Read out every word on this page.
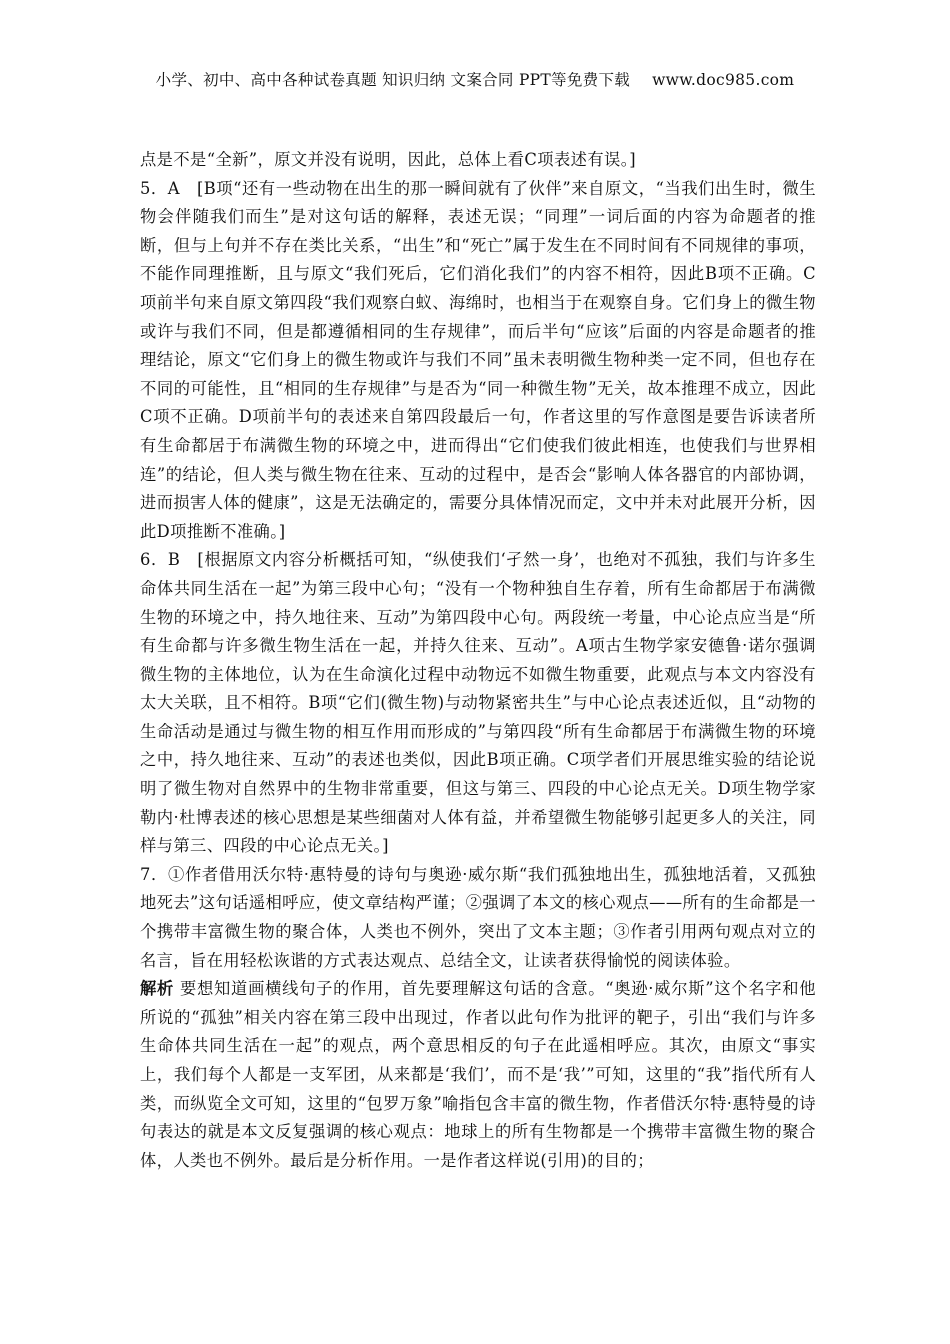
小学、初中、高中各种试卷真题 知识归纳 文案合同 PPT等免费下载 www.doc985.com

点是不是“全新”，原文并没有说明，因此，总体上看C项表述有误。]

5．A　[B项“还有一些动物在出生的那一瞬间就有了伙伴”来自原文，“当我们出生时，微生物会伴随我们而生”是对这句话的解释，表述无误；“同理”一词后面的内容为命题者的推断，但与上句并不存在类比关系，“出生”和“死亡”属于发生在不同时间有不同规律的事项，不能作同理推断，且与原文“我们死后，它们消化我们”的内容不相符，因此B项不正确。C项前半句来自原文第四段“我们观察白蚁、海绵时，也相当于在观察自身。它们身上的微生物或许与我们不同，但是都遵循相同的生存规律”，而后半句“应该”后面的内容是命题者的推理结论，原文“它们身上的微生物或许与我们不同”虽未表明微生物种类一定不同，但也存在不同的可能性，且“相同的生存规律”与是否为“同一种微生物”无关，故本推理不成立，因此C项不正确。D项前半句的表述来自第四段最后一句，作者这里的写作意图是要告诉读者所有生命都居于布满微生物的环境之中，进而得出“它们使我们彼此相连，也使我们与世界相连”的结论，但人类与微生物在往来、互动的过程中，是否会“影响人体各器官的内部协调，进而损害人体的健康”，这是无法确定的，需要分具体情况而定，文中并未对此展开分析，因此D项推断不准确。]

6．B　[根据原文内容分析概括可知，“纵使我们‘孑然一身’，也绝对不孤独，我们与许多生命体共同生活在一起”为第三段中心句；“没有一个物种独自生存着，所有生命都居于布满微生物的环境之中，持久地往来、互动”为第四段中心句。两段统一考量，中心论点应当是“所有生命都与许多微生物生活在一起，并持久往来、互动”。A项古生物学家安德鲁·诺尔强调微生物的主体地位，认为在生命演化过程中动物远不如微生物重要，此观点与本文内容没有太大关联，且不相符。B项“它们(微生物)与动物紧密共生”与中心论点表述近似，且“动物的生命活动是通过与微生物的相互作用而形成的”与第四段“所有生命都居于布满微生物的环境之中，持久地往来、互动”的表述也类似，因此B项正确。C项学者们开展思维实验的结论说明了微生物对自然界中的生物非常重要，但这与第三、四段的中心论点无关。D项生物学家勒内·杜博表述的核心思想是某些细菌对人体有益，并希望微生物能够引起更多人的关注，同样与第三、四段的中心论点无关。]

7．①作者借用沃尔特·惠特曼的诗句与奥逊·威尔斯“我们孤独地出生，孤独地活着，又孤独地死去”这句话遥相呼应，使文章结构严谨；②强调了本文的核心观点——所有的生命都是一个携带丰富微生物的聚合体，人类也不例外，突出了文本主题；③作者引用两句观点对立的名言，旨在用轻松诙谐的方式表达观点、总结全文，让读者获得愉悦的阅读体验。

解析 要想知道画横线句子的作用，首先要理解这句话的含意。“奥逊·威尔斯”这个名字和他所说的“孤独”相关内容在第三段中出现过，作者以此句作为批评的靶子，引出“我们与许多生命体共同生活在一起”的观点，两个意思相反的句子在此遥相呼应。其次，由原文“事实上，我们每个人都是一支军团，从来都是‘我们’，而不是‘我’”可知，这里的“我”指代所有人类，而纵览全文可知，这里的“包罗万象”喻指包含丰富的微生物，作者借沃尔特·惠特曼的诗句表达的就是本文反复强调的核心观点：地球上的所有生物都是一个携带丰富微生物的聚合体，人类也不例外。最后是分析作用。一是作者这样说(引用)的目的；
